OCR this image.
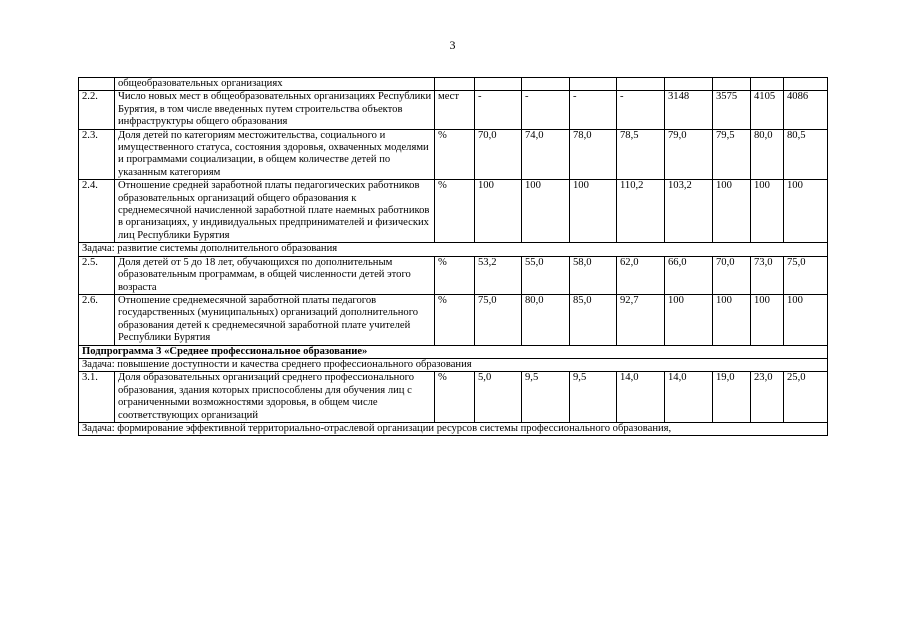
3
	общеобразовательных организациях									
2.2.	Число новых мест в общеобразовательных организациях Республики Бурятия, в том числе введенных путем строительства объектов инфраструктуры общего образования	мест	-	-	-	-	3148	3575	4105	4086
2.3.	Доля детей по категориям местожительства, социального и имущественного статуса, состояния здоровья, охваченных моделями и программами социализации, в общем количестве детей по указанным категориям	%	70,0	74,0	78,0	78,5	79,0	79,5	80,0	80,5
2.4.	Отношение средней заработной платы педагогических работников образовательных организаций общего образования к среднемесячной начисленной заработной плате наемных работников в организациях, у индивидуальных предпринимателей и физических лиц Республики Бурятия	%	100	100	100	110,2	103,2	100	100	100
Задача: развитие системы дополнительного образования										
2.5.	Доля детей от 5 до 18 лет, обучающихся по дополнительным образовательным программам, в общей численности детей этого возраста	%	53,2	55,0	58,0	62,0	66,0	70,0	73,0	75,0
2.6.	Отношение среднемесячной заработной платы педагогов государственных (муниципальных) организаций дополнительного образования детей к среднемесячной заработной плате учителей Республики Бурятия	%	75,0	80,0	85,0	92,7	100	100	100	100
Подпрограмма 3 «Среднее профессиональное образование»										
Задача: повышение доступности и качества среднего профессионального образования										
3.1.	Доля образовательных организаций среднего профессионального образования, здания которых приспособлены для обучения лиц с ограниченными возможностями здоровья, в общем числе соответствующих организаций	%	5,0	9,5	9,5	14,0	14,0	19,0	23,0	25,0
Задача: формирование эффективной территориально-отраслевой организации ресурсов системы профессионального образования,										
